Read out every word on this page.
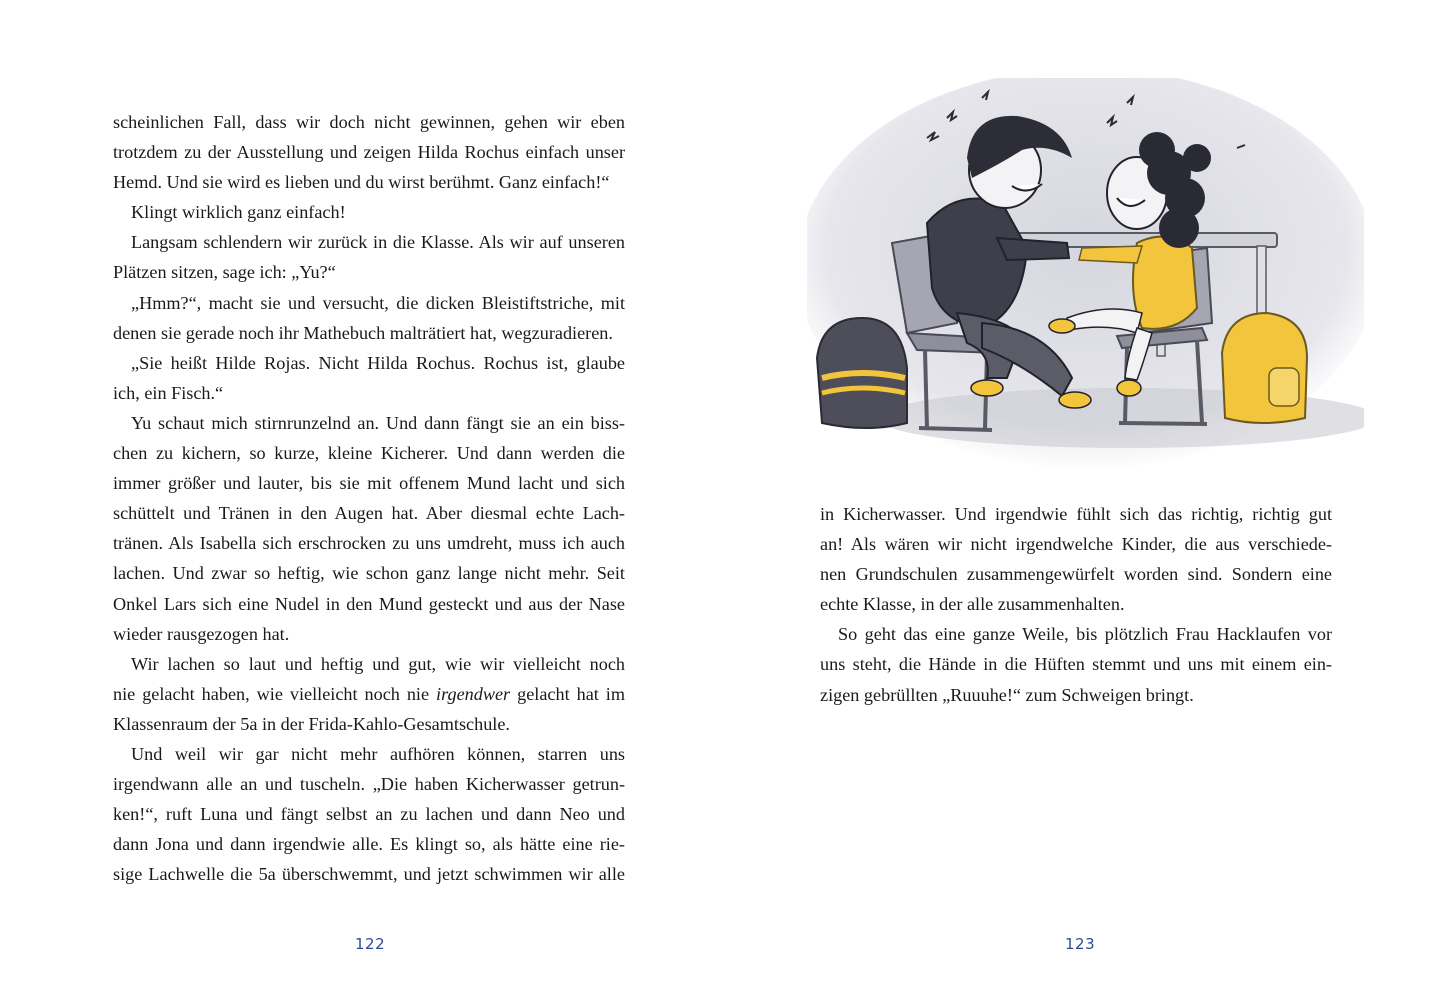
scheinlichen Fall, dass wir doch nicht gewinnen, gehen wir eben

trotzdem zu der Ausstellung und zeigen Hilda Rochus einfach unser

Hemd. Und sie wird es lieben und du wirst berühmt. Ganz einfach!“

Klingt wirklich ganz einfach!

Langsam schlendern wir zurück in die Klasse. Als wir auf unseren

Plätzen sitzen, sage ich: „Yu?“

„Hmm?“, macht sie und versucht, die dicken Bleistiftstriche, mit

denen sie gerade noch ihr Mathebuch malträtiert hat, wegzuradieren.

„Sie heißt Hilde Rojas. Nicht Hilda Rochus. Rochus ist, glaube

ich, ein Fisch.“

Yu schaut mich stirnrunzelnd an. Und dann fängt sie an ein biss-

chen zu kichern, so kurze, kleine Kicherer. Und dann werden die

immer größer und lauter, bis sie mit offenem Mund lacht und sich

schüttelt und Tränen in den Augen hat. Aber diesmal echte Lach-

tränen. Als Isabella sich erschrocken zu uns umdreht, muss ich auch

lachen. Und zwar so heftig, wie schon ganz lange nicht mehr. Seit

Onkel Lars sich eine Nudel in den Mund gesteckt und aus der Nase

wieder rausgezogen hat.

Wir lachen so laut und heftig und gut, wie wir vielleicht noch

nie gelacht haben, wie vielleicht noch nie irgendwer gelacht hat im

Klassenraum der 5a in der Frida-Kahlo-Gesamtschule.

Und weil wir gar nicht mehr aufhören können, starren uns

irgendwann alle an und tuscheln. „Die haben Kicherwasser getrun-

ken!“, ruft Luna und fängt selbst an zu lachen und dann Neo und

dann Jona und dann irgendwie alle. Es klingt so, als hätte eine rie-

sige Lachwelle die 5a überschwemmt, und jetzt schwimmen wir alle

122

in Kicherwasser. Und irgendwie fühlt sich das richtig, richtig gut

an! Als wären wir nicht irgendwelche Kinder, die aus verschiede-

nen Grundschulen zusammengewürfelt worden sind. Sondern eine

echte Klasse, in der alle zusammenhalten.

So geht das eine ganze Weile, bis plötzlich Frau Hacklaufen vor

uns steht, die Hände in die Hüften stemmt und uns mit einem ein-

zigen gebrüllten „Ruuuhe!“ zum Schweigen bringt.

123
